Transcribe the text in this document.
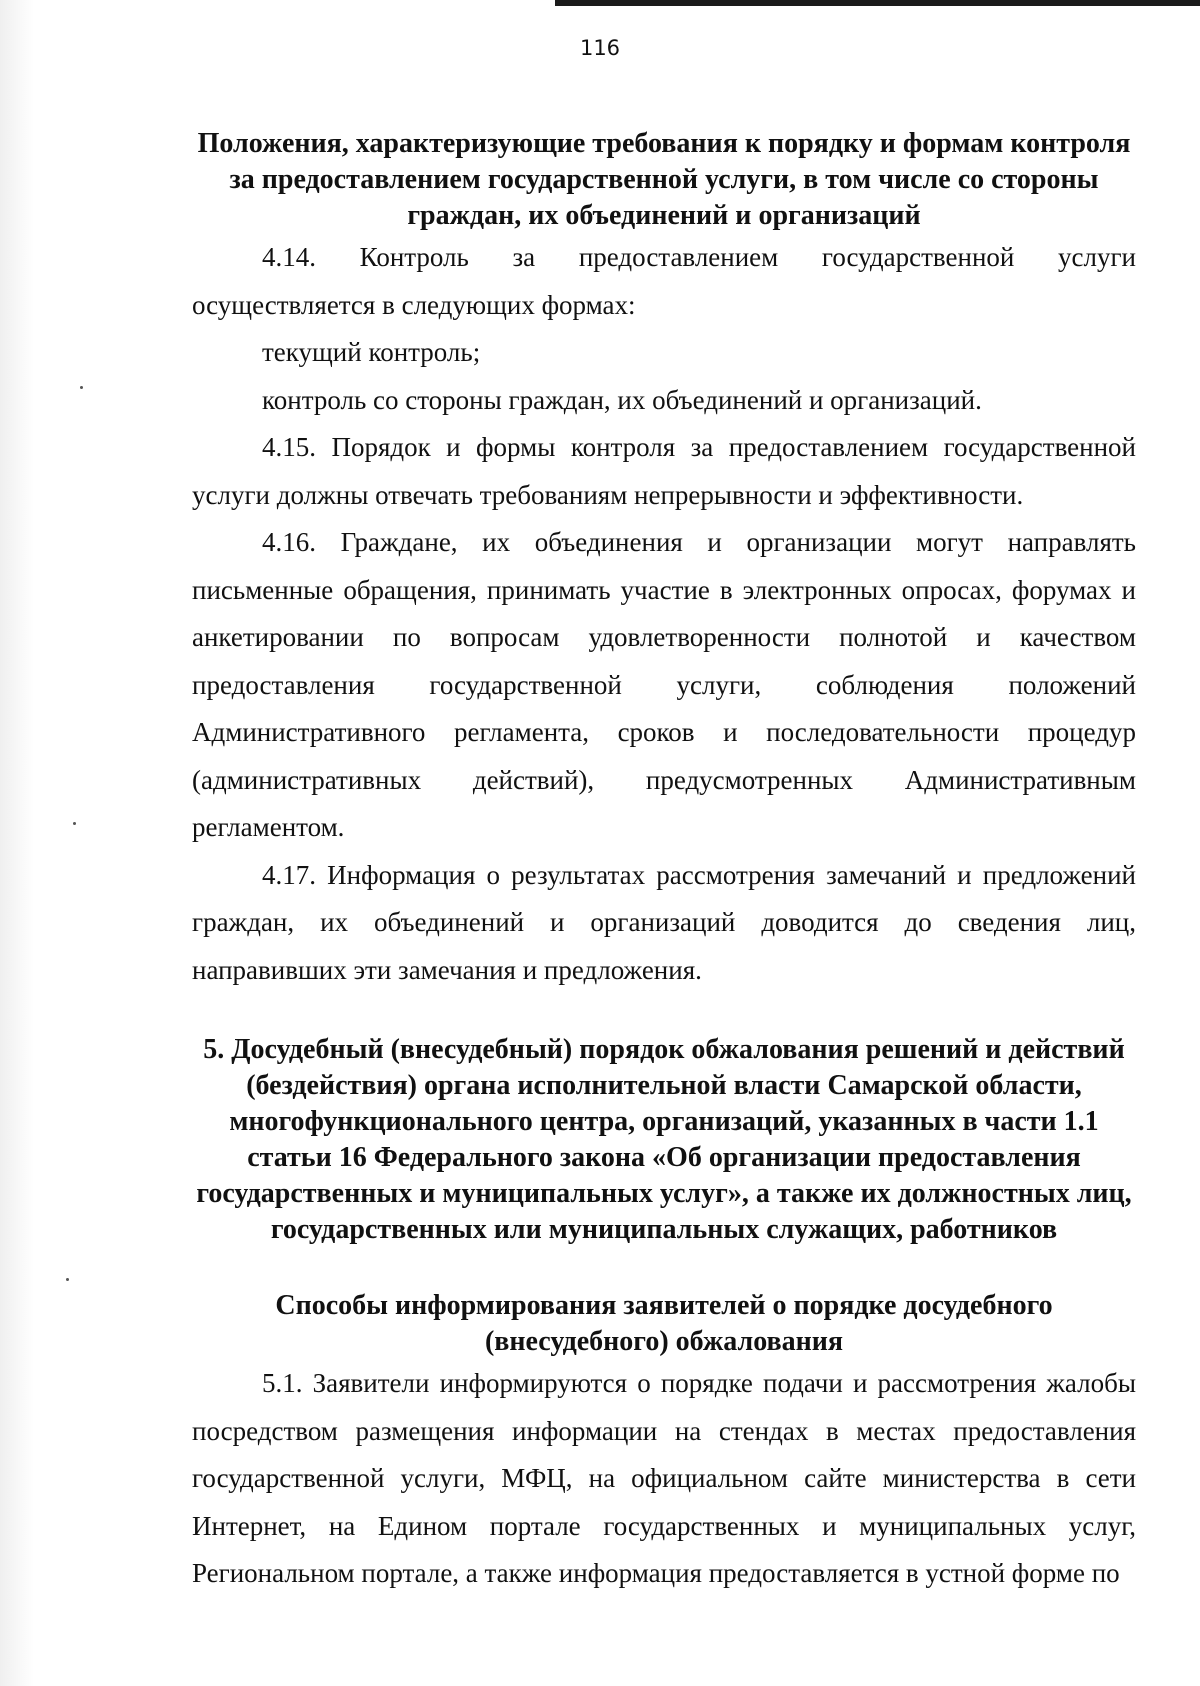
116

Положения, характеризующие требования к порядку и формам контроля за предоставлением государственной услуги, в том числе со стороны граждан, их объединений и организаций

4.14. Контроль за предоставлением государственной услуги осуществляется в следующих формах:

текущий контроль;

контроль со стороны граждан, их объединений и организаций.

4.15. Порядок и формы контроля за предоставлением государственной услуги должны отвечать требованиям непрерывности и эффективности.

4.16. Граждане, их объединения и организации могут направлять письменные обращения, принимать участие в электронных опросах, форумах и анкетировании по вопросам удовлетворенности полнотой и качеством предоставления государственной услуги, соблюдения положений Административного регламента, сроков и последовательности процедур (административных действий), предусмотренных Административным регламентом.

4.17. Информация о результатах рассмотрения замечаний и предложений граждан, их объединений и организаций доводится до сведения лиц, направивших эти замечания и предложения.

5. Досудебный (внесудебный) порядок обжалования решений и действий (бездействия) органа исполнительной власти Самарской области, многофункционального центра, организаций, указанных в части 1.1 статьи 16 Федерального закона «Об организации предоставления государственных и муниципальных услуг», а также их должностных лиц, государственных или муниципальных служащих, работников

Способы информирования заявителей о порядке досудебного (внесудебного) обжалования

5.1. Заявители информируются о порядке подачи и рассмотрения жалобы посредством размещения информации на стендах в местах предоставления государственной услуги, МФЦ, на официальном сайте министерства в сети Интернет, на Едином портале государственных и муниципальных услуг, Региональном портале, а также информация предоставляется в устной форме по
